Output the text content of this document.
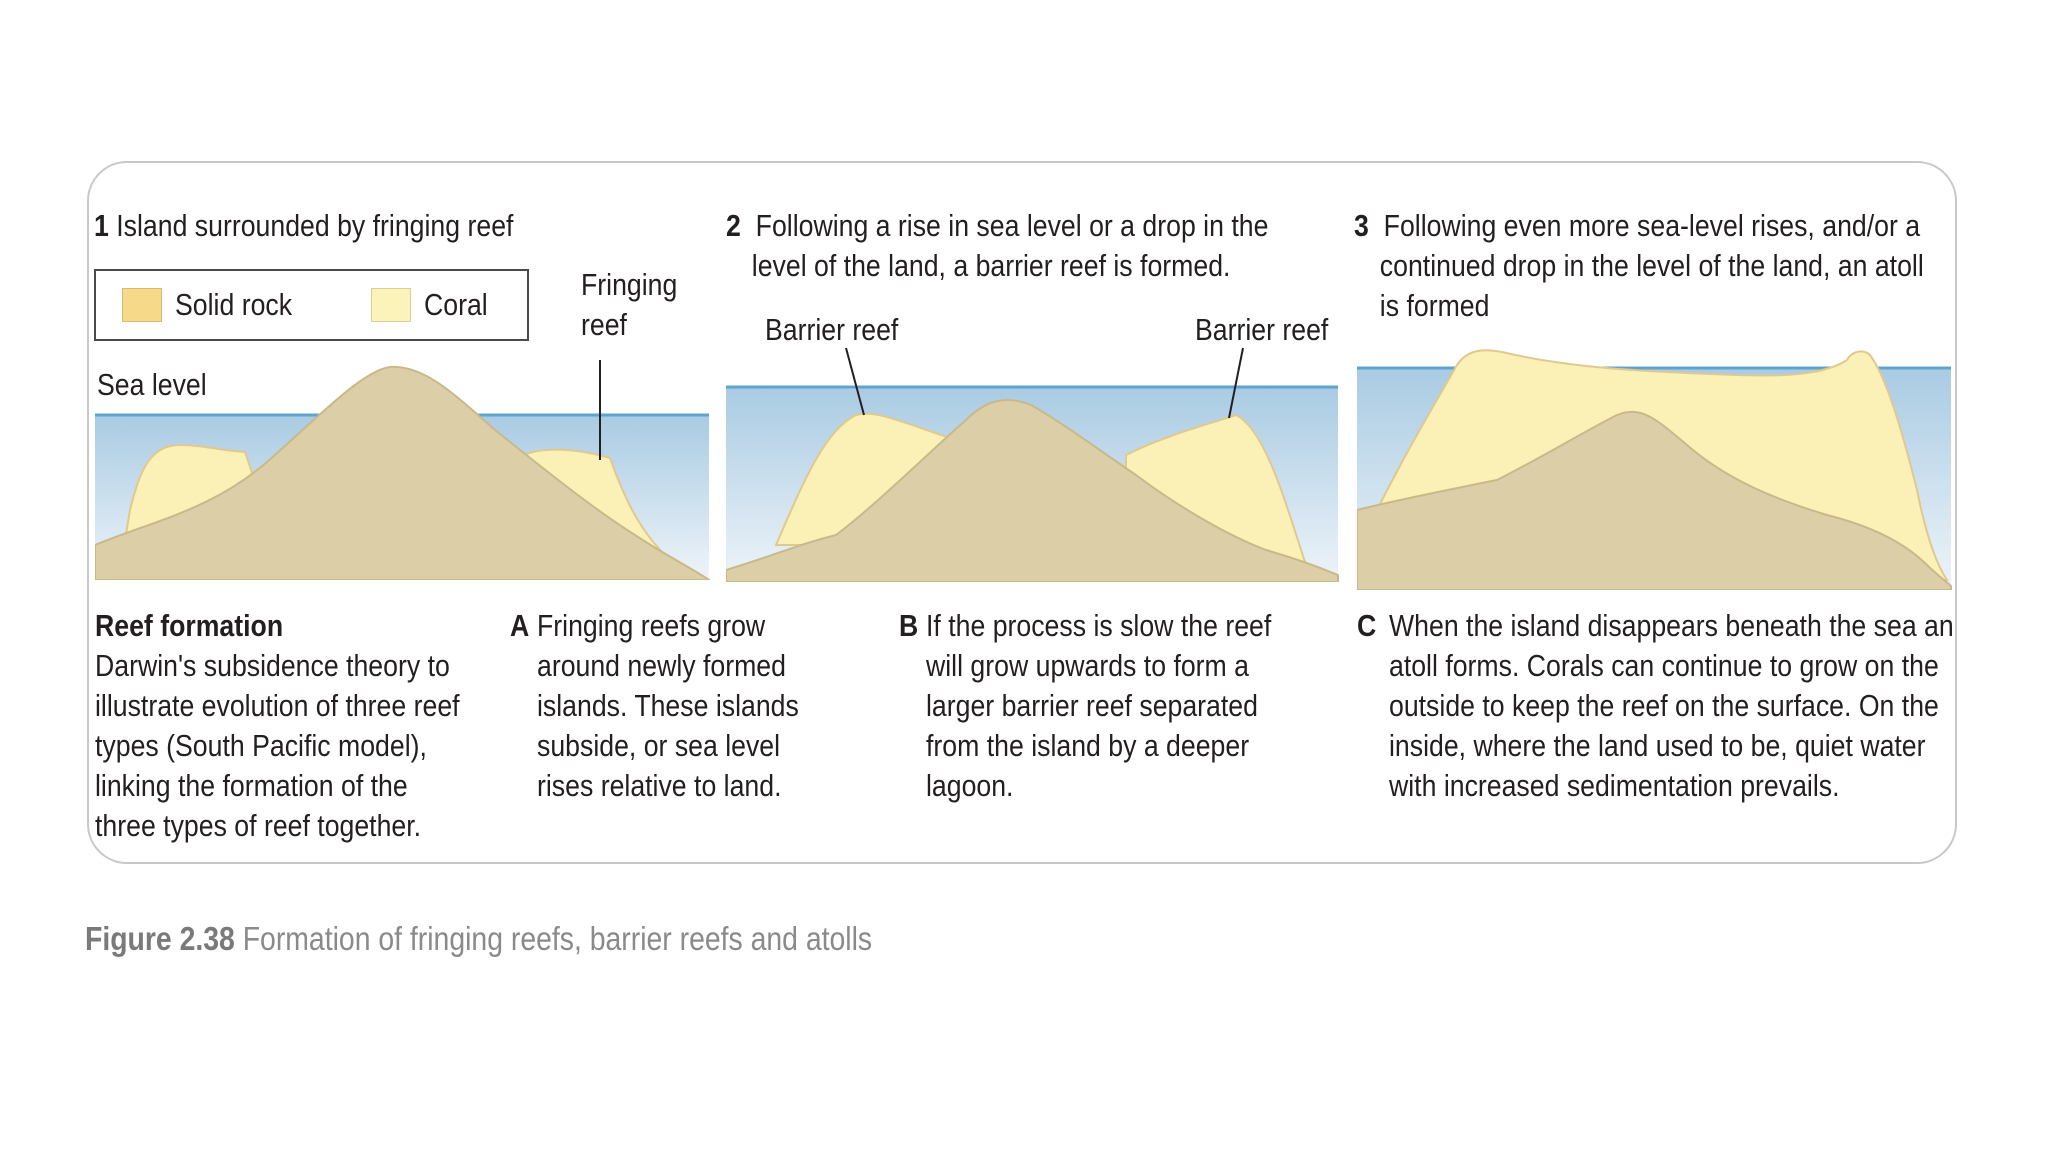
1 Island surrounded by fringing reef
Solid rock	Coral
Fringing
reef
Sea level
2 Following a rise in sea level or a drop in the
level of the land, a barrier reef is formed.
Barrier reef	Barrier reef
3 Following even more sea-level rises, and/or a
continued drop in the level of the land, an atoll
is formed
Reef formation
Darwin's subsidence theory to
illustrate evolution of three reef
types (South Pacific model),
linking the formation of the
three types of reef together.
A Fringing reefs grow
around newly formed
islands. These islands
subside, or sea level
rises relative to land.
B If the process is slow the reef
will grow upwards to form a
larger barrier reef separated
from the island by a deeper
lagoon.
C When the island disappears beneath the sea an
atoll forms. Corals can continue to grow on the
outside to keep the reef on the surface. On the
inside, where the land used to be, quiet water
with increased sedimentation prevails.
Figure 2.38 Formation of fringing reefs, barrier reefs and atolls
